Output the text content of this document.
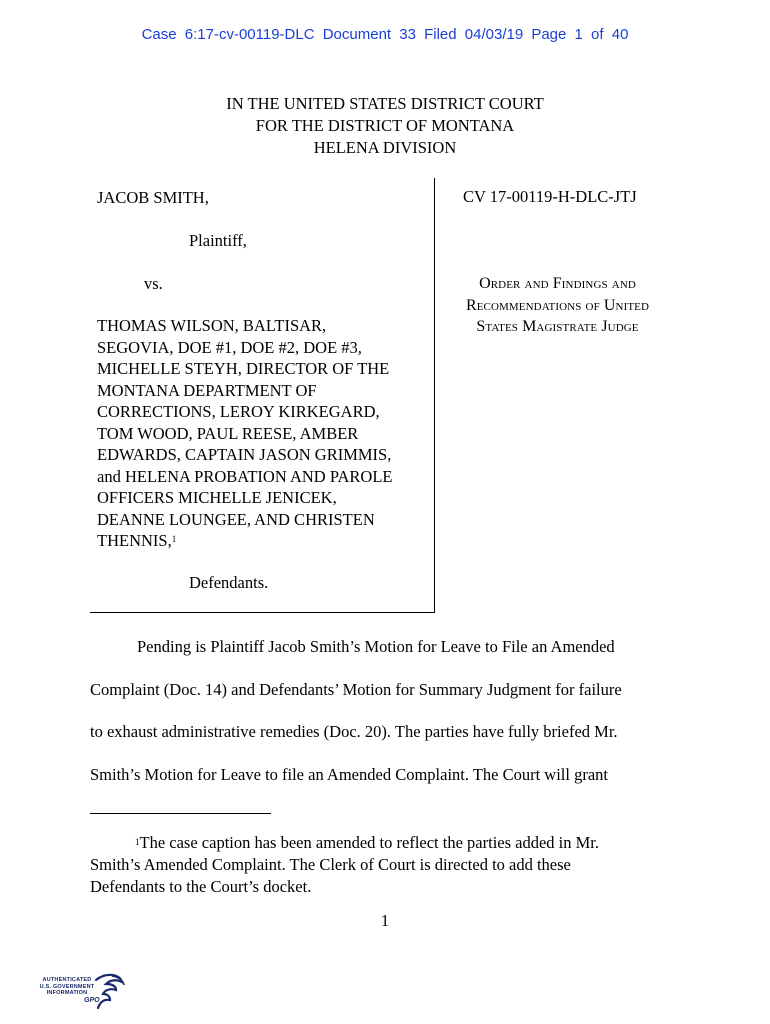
Case 6:17-cv-00119-DLC Document 33 Filed 04/03/19 Page 1 of 40
IN THE UNITED STATES DISTRICT COURT
FOR THE DISTRICT OF MONTANA
HELENA DIVISION
JACOB SMITH,
Plaintiff,
vs.
THOMAS WILSON, BALTISAR,
SEGOVIA, DOE #1, DOE #2, DOE #3,
MICHELLE STEYH, DIRECTOR OF THE
MONTANA DEPARTMENT OF
CORRECTIONS, LEROY KIRKEGARD,
TOM WOOD, PAUL REESE, AMBER
EDWARDS, CAPTAIN JASON GRIMMIS,
and HELENA PROBATION AND PAROLE
OFFICERS MICHELLE JENICEK,
DEANNE LOUNGEE, AND CHRISTEN
THENNIS,$^1$
Defendants.
CV 17-00119-H-DLC-JTJ
Order and Findings and
Recommendations of United
States Magistrate Judge
Pending is Plaintiff Jacob Smith’s Motion for Leave to File an Amended
Complaint (Doc. 14) and Defendants’ Motion for Summary Judgment for failure
to exhaust administrative remedies (Doc. 20). The parties have fully briefed Mr.
Smith’s Motion for Leave to file an Amended Complaint. The Court will grant
$^1$The case caption has been amended to reflect the parties added in Mr.
Smith’s Amended Complaint. The Clerk of Court is directed to add these
Defendants to the Court’s docket.
1
AUTHENTICATED
U.S. GOVERNMENT
INFORMATION
GPO
